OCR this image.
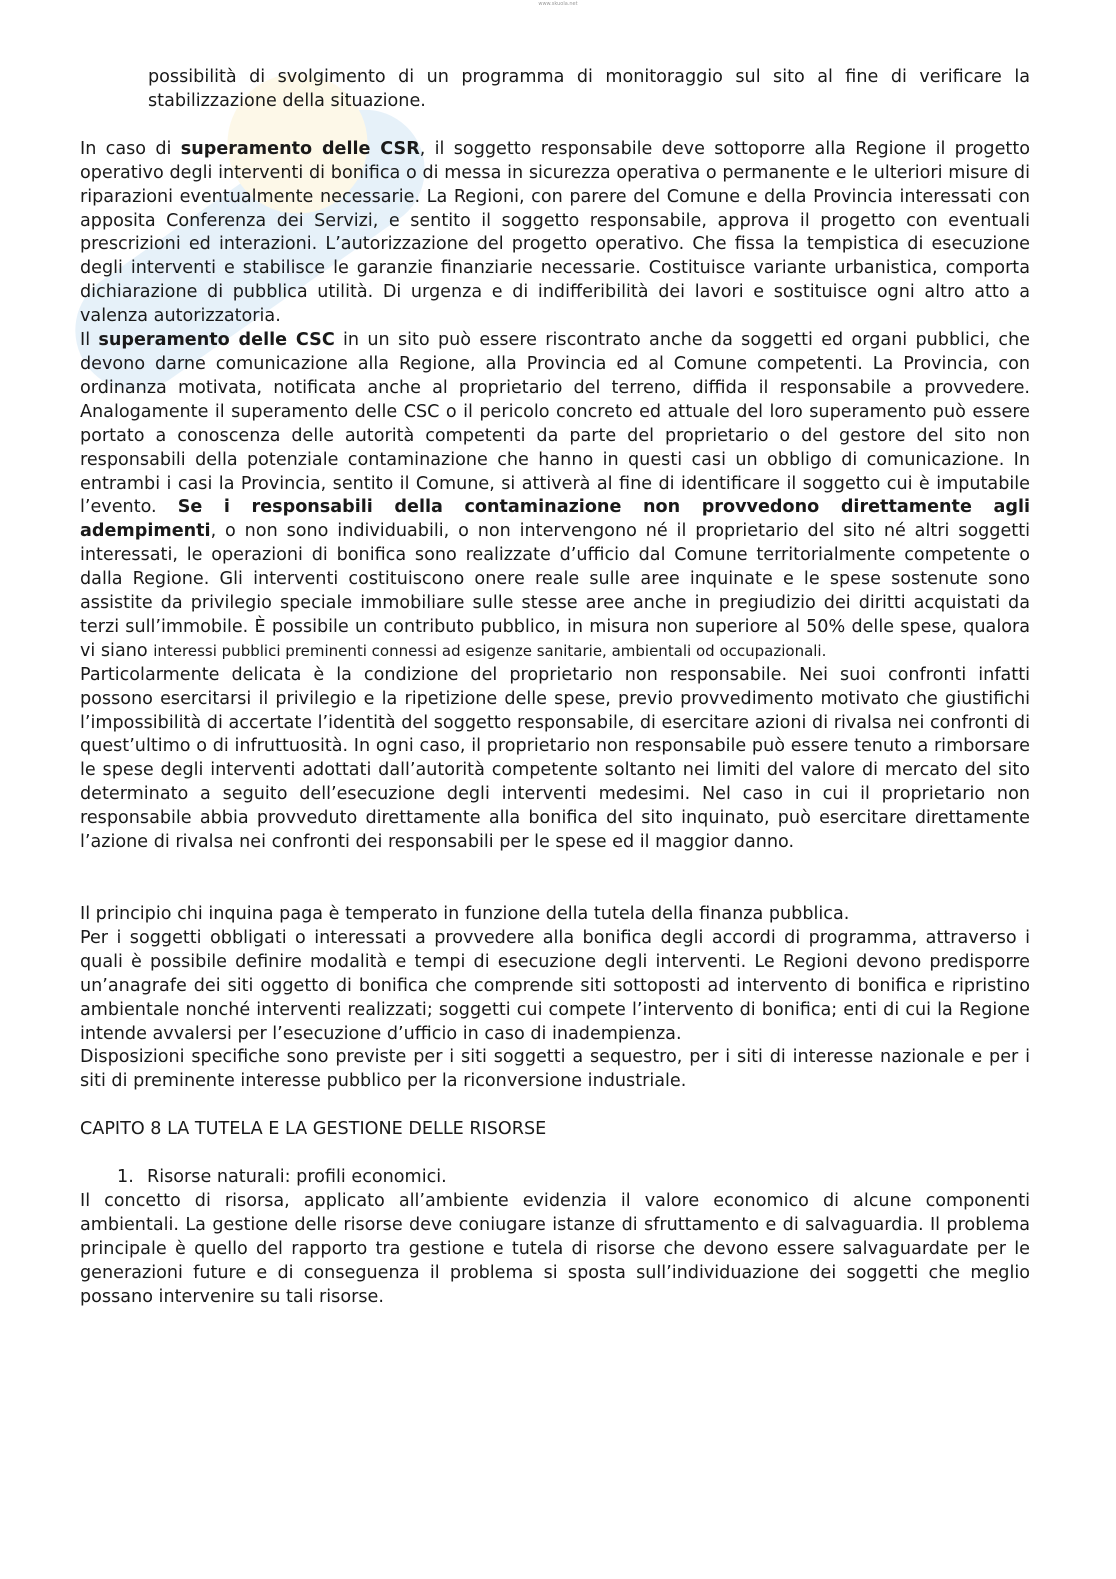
www.skuola.net

possibilità di svolgimento di un programma di monitoraggio sul sito al fine di verificare la stabilizzazione della situazione.

In caso di superamento delle CSR, il soggetto responsabile deve sottoporre alla Regione il progetto operativo degli interventi di bonifica o di messa in sicurezza operativa o permanente e le ulteriori misure di riparazioni eventualmente necessarie. La Regioni, con parere del Comune e della Provincia interessati con apposita Conferenza dei Servizi, e sentito il soggetto responsabile, approva il progetto con eventuali prescrizioni ed interazioni. L’autorizzazione del progetto operativo. Che fissa la tempistica di esecuzione degli interventi e stabilisce le garanzie finanziarie necessarie. Costituisce variante urbanistica, comporta dichiarazione di pubblica utilità. Di urgenza e di indifferibilità dei lavori e sostituisce ogni altro atto a valenza autorizzatoria.

Il superamento delle CSC in un sito può essere riscontrato anche da soggetti ed organi pubblici, che devono darne comunicazione alla Regione, alla Provincia ed al Comune competenti. La Provincia, con ordinanza motivata, notificata anche al proprietario del terreno, diffida il responsabile a provvedere. Analogamente il superamento delle CSC o il pericolo concreto ed attuale del loro superamento può essere portato a conoscenza delle autorità competenti da parte del proprietario o del gestore del sito non responsabili della potenziale contaminazione che hanno in questi casi un obbligo di comunicazione. In entrambi i casi la Provincia, sentito il Comune, si attiverà al fine di identificare il soggetto cui è imputabile l’evento. Se i responsabili della contaminazione non provvedono direttamente agli adempimenti, o non sono individuabili, o non intervengono né il proprietario del sito né altri soggetti interessati, le operazioni di bonifica sono realizzate d’ufficio dal Comune territorialmente competente o dalla Regione. Gli interventi costituiscono onere reale sulle aree inquinate e le spese sostenute sono assistite da privilegio speciale immobiliare sulle stesse aree anche in pregiudizio dei diritti acquistati da terzi sull’immobile. È possibile un contributo pubblico, in misura non superiore al 50% delle spese, qualora vi siano interessi pubblici preminenti connessi ad esigenze sanitarie, ambientali od occupazionali.

Particolarmente delicata è la condizione del proprietario non responsabile. Nei suoi confronti infatti possono esercitarsi il privilegio e la ripetizione delle spese, previo provvedimento motivato che giustifichi l’impossibilità di accertate l’identità del soggetto responsabile, di esercitare azioni di rivalsa nei confronti di quest’ultimo o di infruttuosità. In ogni caso, il proprietario non responsabile può essere tenuto a rimborsare le spese degli interventi adottati dall’autorità competente soltanto nei limiti del valore di mercato del sito determinato a seguito dell’esecuzione degli interventi medesimi. Nel caso in cui il proprietario non responsabile abbia provveduto direttamente alla bonifica del sito inquinato, può esercitare direttamente l’azione di rivalsa nei confronti dei responsabili per le spese ed il maggior danno.

Il principio chi inquina paga è temperato in funzione della tutela della finanza pubblica.

Per i soggetti obbligati o interessati a provvedere alla bonifica degli accordi di programma, attraverso i quali è possibile definire modalità e tempi di esecuzione degli interventi. Le Regioni devono predisporre un’anagrafe dei siti oggetto di bonifica che comprende siti sottoposti ad intervento di bonifica e ripristino ambientale nonché interventi realizzati; soggetti cui compete l’intervento di bonifica; enti di cui la Regione intende avvalersi per l’esecuzione d’ufficio in caso di inadempienza.

Disposizioni specifiche sono previste per i siti soggetti a sequestro, per i siti di interesse nazionale e per i siti di preminente interesse pubblico per la riconversione industriale.

CAPITO 8 LA TUTELA E LA GESTIONE DELLE RISORSE

1. Risorse naturali: profili economici.

Il concetto di risorsa, applicato all’ambiente evidenzia il valore economico di alcune componenti ambientali. La gestione delle risorse deve coniugare istanze di sfruttamento e di salvaguardia. Il problema principale è quello del rapporto tra gestione e tutela di risorse che devono essere salvaguardate per le generazioni future e di conseguenza il problema si sposta sull’individuazione dei soggetti che meglio possano intervenire su tali risorse.
